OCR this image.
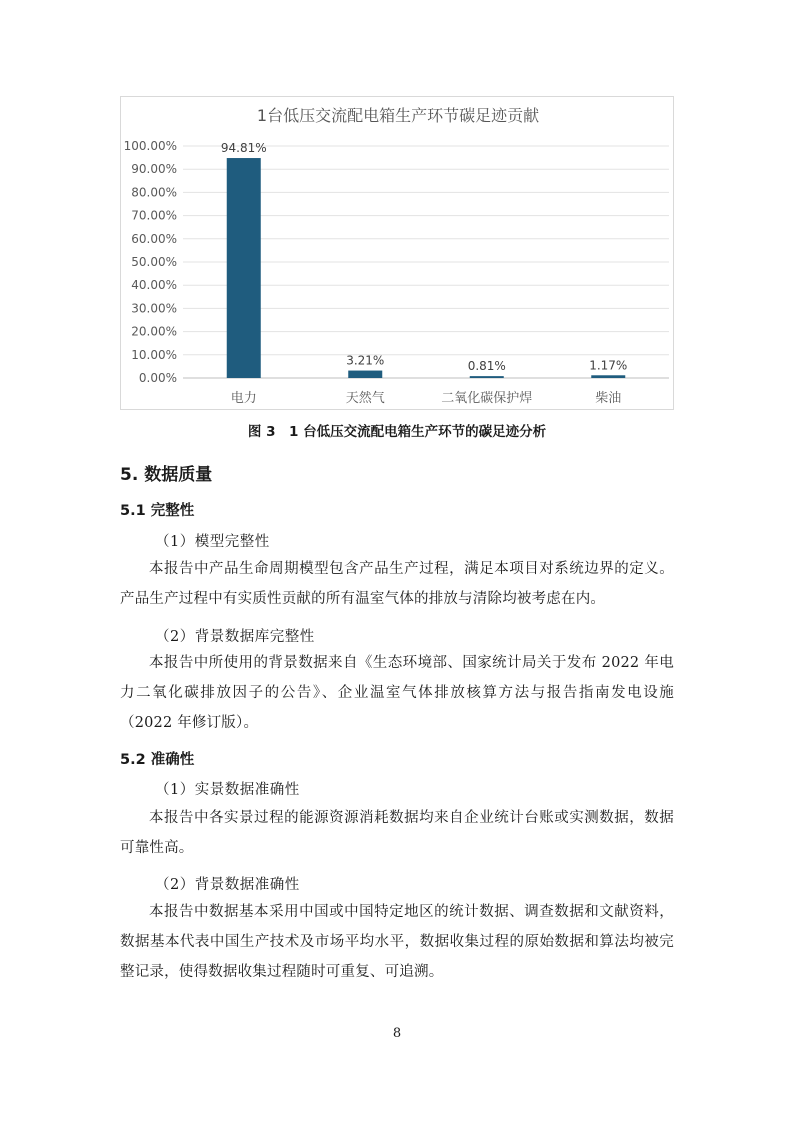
1台低压交流配电箱生产环节碳足迹贡献
0.00%
10.00%
20.00%
30.00%
40.00%
50.00%
60.00%
70.00%
80.00%
90.00%
100.00%	94.81%
电力
3.21%
天然气
0.81%
二氧化碳保护焊
1.17%
柴油
图 3　1 台低压交流配电箱生产环节的碳足迹分析
5. 数据质量
5.1 完整性
（1）模型完整性
本报告中产品生命周期模型包含产品生产过程，满足本项目对系统边界的定义。产品生产过程中有实质性贡献的所有温室气体的排放与清除均被考虑在内。
（2）背景数据库完整性
本报告中所使用的背景数据来自《生态环境部、国家统计局关于发布 2022 年电力二氧化碳排放因子的公告》、企业温室气体排放核算方法与报告指南发电设施（2022 年修订版）。
5.2 准确性
（1）实景数据准确性
本报告中各实景过程的能源资源消耗数据均来自企业统计台账或实测数据，数据可靠性高。
（2）背景数据准确性
本报告中数据基本采用中国或中国特定地区的统计数据、调查数据和文献资料，数据基本代表中国生产技术及市场平均水平，数据收集过程的原始数据和算法均被完整记录，使得数据收集过程随时可重复、可追溯。
8
